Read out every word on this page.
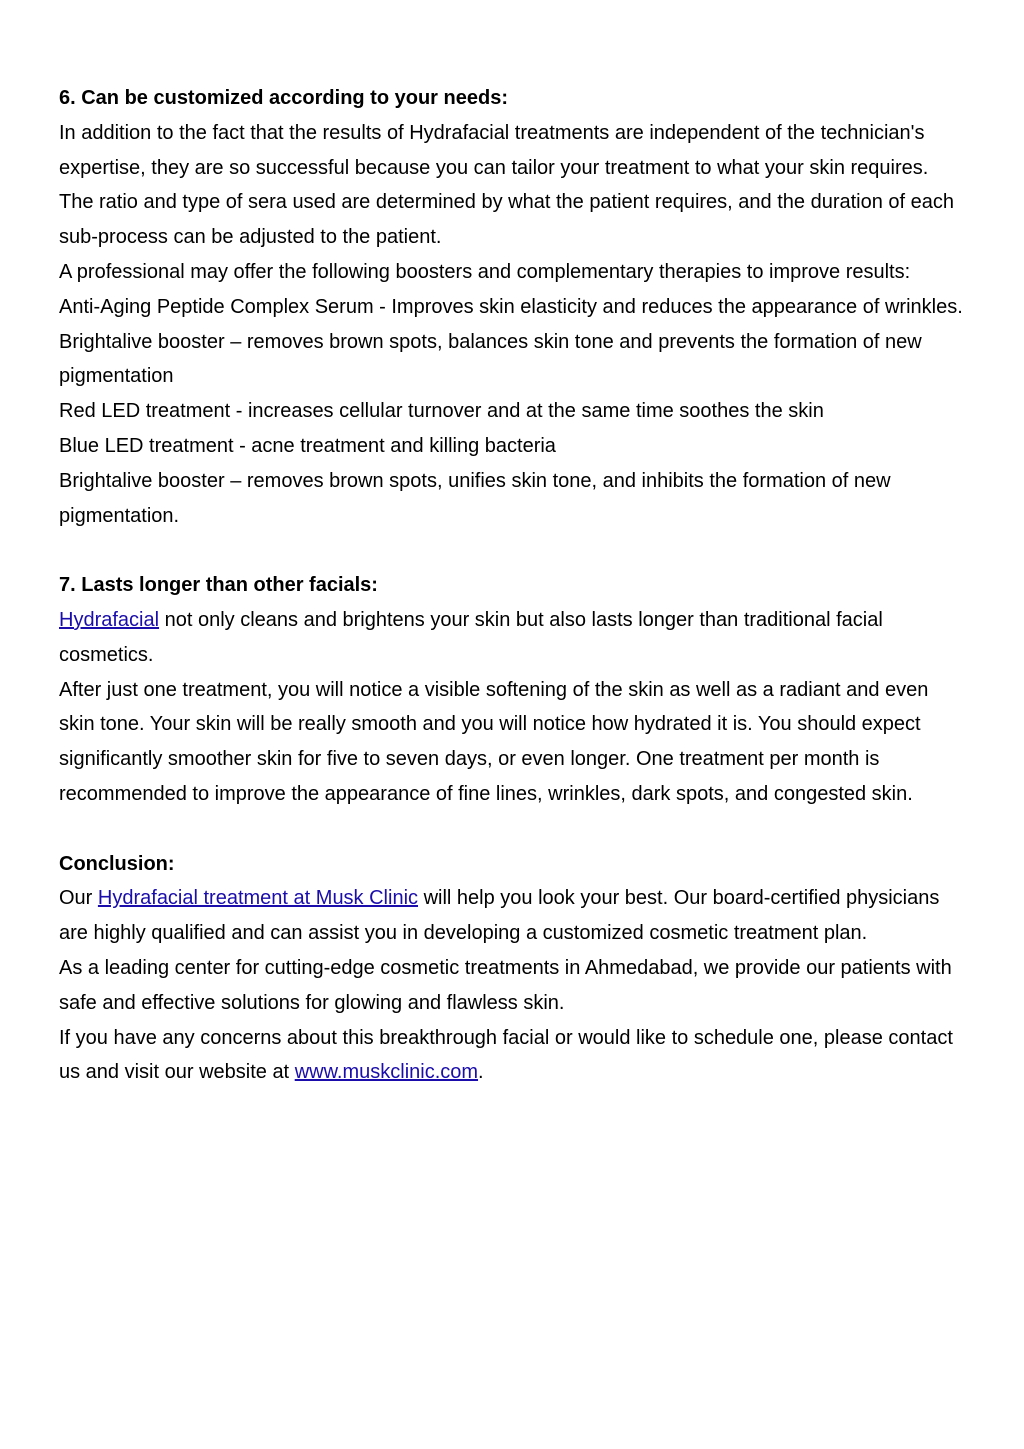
6. Can be customized according to your needs:

In addition to the fact that the results of Hydrafacial treatments are independent of the technician's expertise, they are so successful because you can tailor your treatment to what your skin requires.

The ratio and type of sera used are determined by what the patient requires, and the duration of each sub-process can be adjusted to the patient.

A professional may offer the following boosters and complementary therapies to improve results:

Anti-Aging Peptide Complex Serum - Improves skin elasticity and reduces the appearance of wrinkles.

Brightalive booster – removes brown spots, balances skin tone and prevents the formation of new pigmentation

Red LED treatment - increases cellular turnover and at the same time soothes the skin

Blue LED treatment - acne treatment and killing bacteria

Brightalive booster – removes brown spots, unifies skin tone, and inhibits the formation of new pigmentation.

7. Lasts longer than other facials:

Hydrafacial not only cleans and brightens your skin but also lasts longer than traditional facial cosmetics.

After just one treatment, you will notice a visible softening of the skin as well as a radiant and even skin tone. Your skin will be really smooth and you will notice how hydrated it is. You should expect significantly smoother skin for five to seven days, or even longer. One treatment per month is recommended to improve the appearance of fine lines, wrinkles, dark spots, and congested skin.

Conclusion:

Our Hydrafacial treatment at Musk Clinic will help you look your best. Our board-certified physicians are highly qualified and can assist you in developing a customized cosmetic treatment plan.

As a leading center for cutting-edge cosmetic treatments in Ahmedabad, we provide our patients with safe and effective solutions for glowing and flawless skin.

If you have any concerns about this breakthrough facial or would like to schedule one, please contact us and visit our website at www.muskclinic.com.
